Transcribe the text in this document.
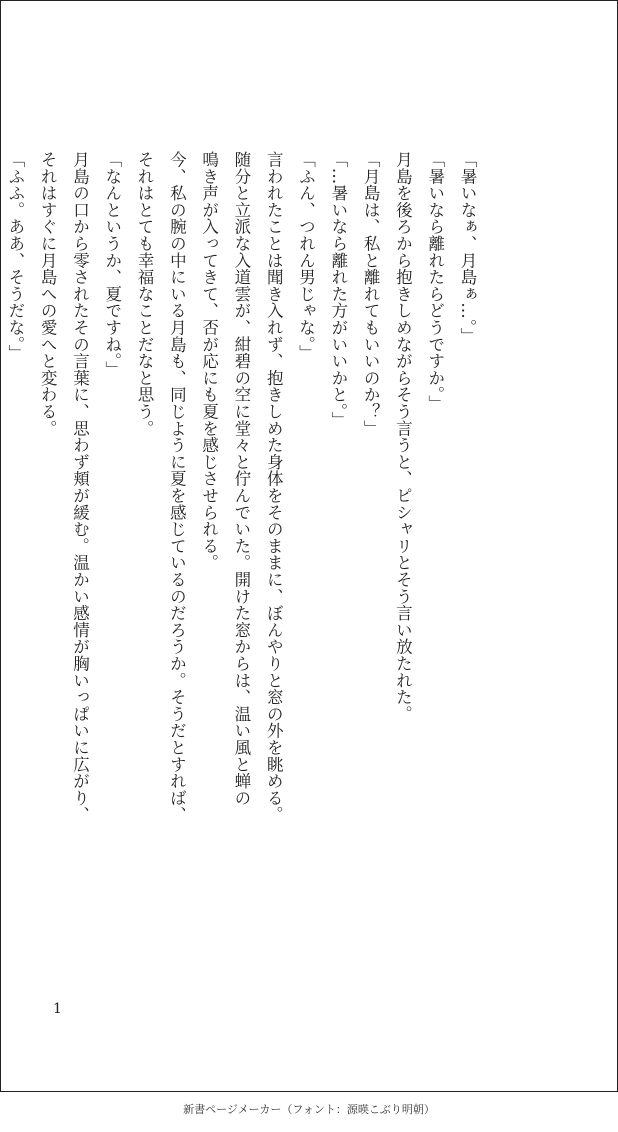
「暑いなぁ、月島ぁ…。」
「暑いなら離れたらどうですか。」
月島を後ろから抱きしめながらそう言うと、ピシャリとそう言い放たれた。
「月島は、私と離れてもいいのか？」
「…暑いなら離れた方がいいかと。」
「ふん、つれん男じゃな。」
言われたことは聞き入れず、抱きしめた身体をそのままに、ぼんやりと窓の外を眺める。
随分と立派な入道雲が、紺碧の空に堂々と佇んでいた。開けた窓からは、温い風と蝉の
鳴き声が入ってきて、否が応にも夏を感じさせられる。
今、私の腕の中にいる月島も、同じように夏を感じているのだろうか。そうだとすれば、
それはとても幸福なことだなと思う。
「なんというか、夏ですね。」
月島の口から零されたその言葉に、思わず頬が緩む。温かい感情が胸いっぱいに広がり、
それはすぐに月島への愛へと変わる。
「ふふ。ああ、そうだな。」
1
新書ページメーカー（フォント：源暎こぶり明朝）
